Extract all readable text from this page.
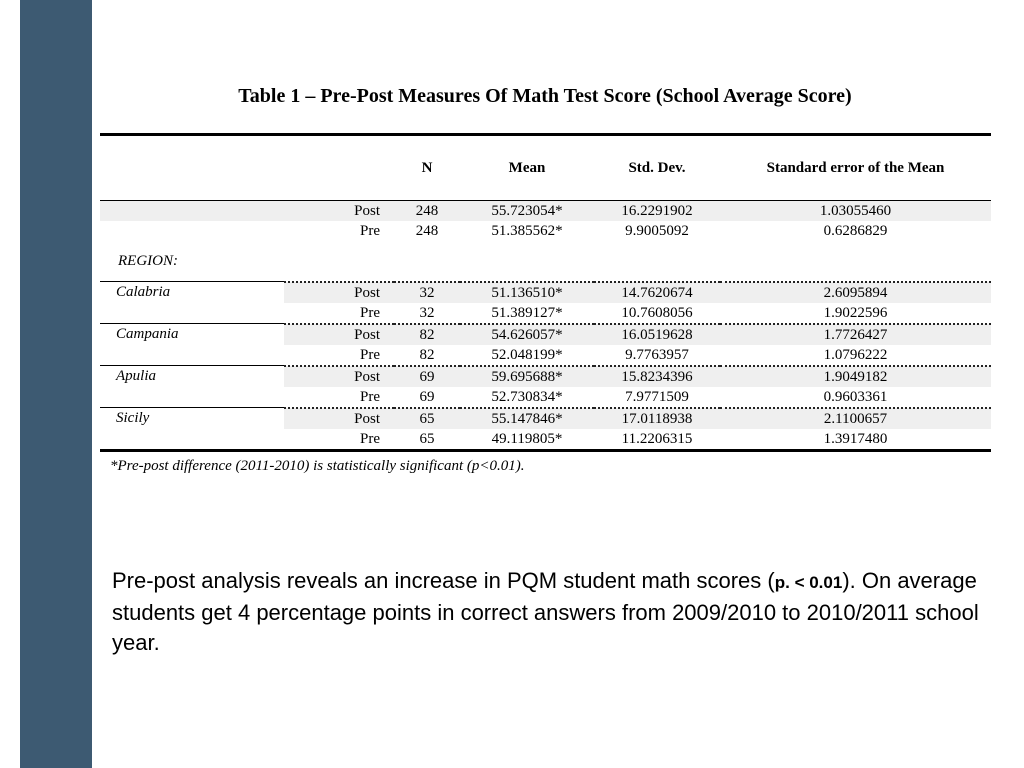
Table 1 – Pre-Post Measures Of Math Test Score (School Average Score)
		N	Mean	Std. Dev.	Standard error of the Mean
	Post	248	55.723054*	16.2291902	1.03055460
	Pre	248	51.385562*	9.9005092	0.6286829
REGION:					
Calabria	Post	32	51.136510*	14.7620674	2.6095894
	Pre	32	51.389127*	10.7608056	1.9022596
Campania	Post	82	54.626057*	16.0519628	1.7726427
	Pre	82	52.048199*	9.7763957	1.0796222
Apulia	Post	69	59.695688*	15.8234396	1.9049182
	Pre	69	52.730834*	7.9771509	0.9603361
Sicily	Post	65	55.147846*	17.0118938	2.1100657
	Pre	65	49.119805*	11.2206315	1.3917480
*Pre-post difference (2011-2010) is statistically significant (p<0.01).
Pre-post analysis reveals an increase in PQM student math scores (p. < 0.01). On average students get 4 percentage points in correct answers from 2009/2010 to 2010/2011 school year.
